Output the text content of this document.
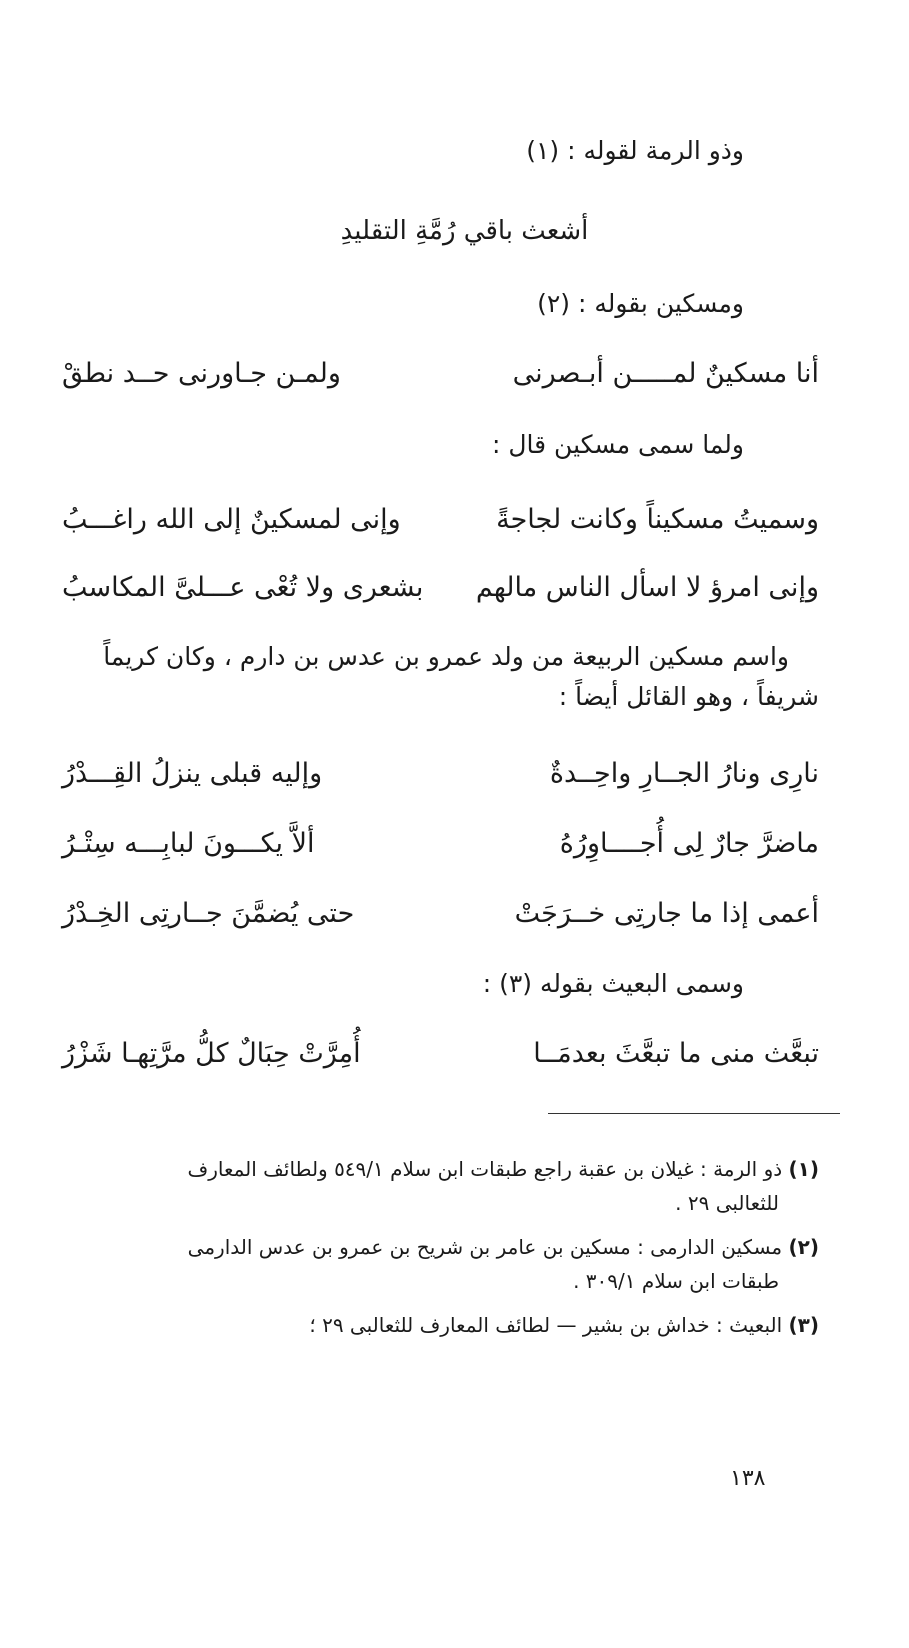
وذو الرمة لقوله : (١)
أشعث باقي رُمَّةِ التقليدِ
ومسكين بقوله : (٢)
أنا مسكينٌ لمـــــن أبـصرنى
ولمـن جـاورنى حــد نطقْ
ولما سمى مسكين قال :
وسميتُ مسكيناً وكانت لجاجةً
وإنى لمسكينٌ إلى الله راغـــبُ
وإنى امرؤ لا اسأل الناس مالهم
بشعرى ولا تُعْى عـــلىَّ المكاسبُ
واسم مسكين الربيعة من ولد عمرو بن عدس بن دارم ، وكان كريماً
شريفاً ، وهو القائل أيضاً :
نارِى ونارُ الجــارِ واحِــدةٌ
وإليه قبلى ينزلُ القِـــدْرُ
ماضرَّ جارٌ لِى أُجــــاوِرُهُ
ألاَّ يكـــونَ لبابِـــه سِتْـرُ
أعمى إذا ما جارتِى خــرَجَتْ
حتى يُضمَّنَ جــارتِى الخِـدْرُ
وسمى البعيث بقوله (٣) :
تبعَّث منى ما تبعَّثَ بعدمَــا
أُمِرَّتْ حِبَالٌ كلُّ مرَّتِهـا شَزْرُ
(١) ذو الرمة : غيلان بن عقبة راجع طبقات ابن سلام ٥٤٩/١ ولطائف المعارف
للثعالبى ٢٩ .
(٢) مسكين الدارمى : مسكين بن عامر بن شريح بن عمرو بن عدس الدارمى
طبقات ابن سلام ٣٠٩/١ .
(٣) البعيث : خداش بن بشير — لطائف المعارف للثعالبى ٢٩ ؛
١٣٨
